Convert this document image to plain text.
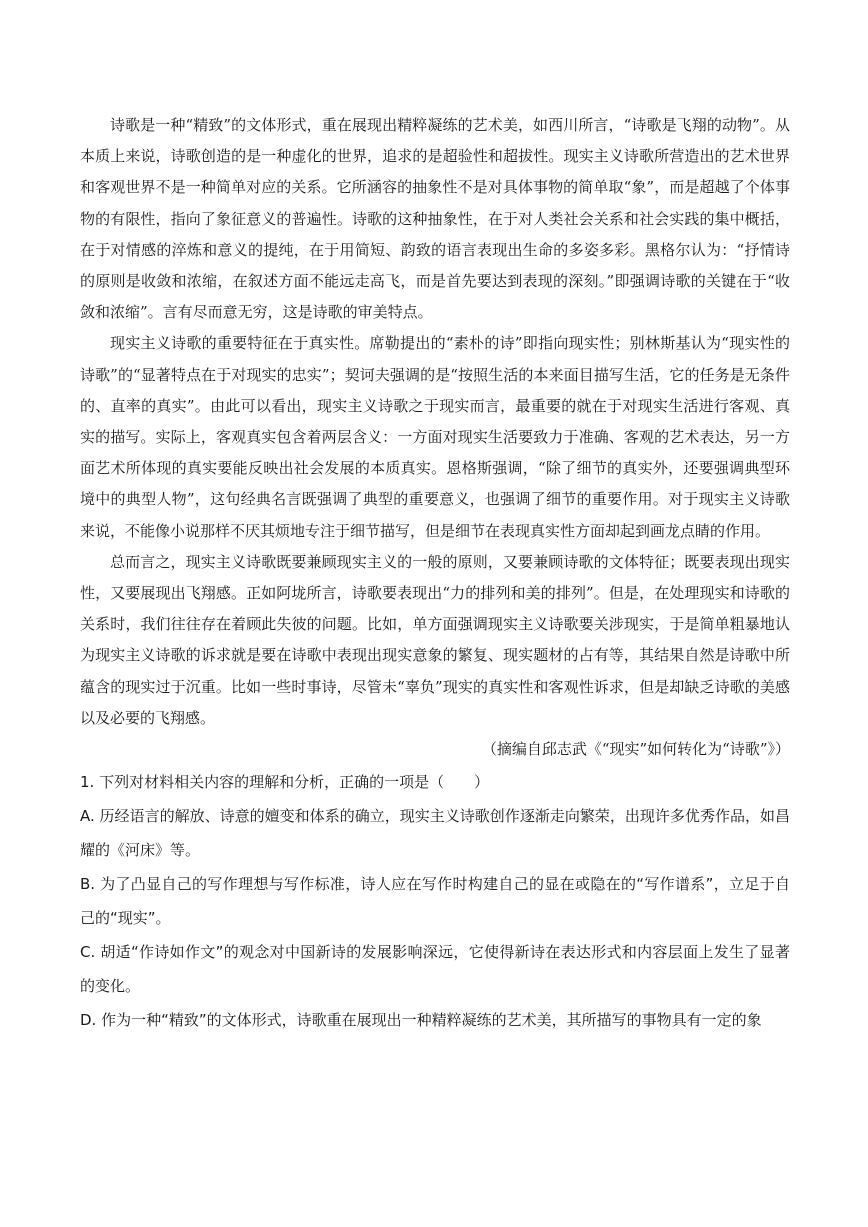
诗歌是一种“精致”的文体形式，重在展现出精粹凝练的艺术美，如西川所言，“诗歌是飞翔的动物”。从本质上来说，诗歌创造的是一种虚化的世界，追求的是超验性和超拔性。现实主义诗歌所营造出的艺术世界和客观世界不是一种简单对应的关系。它所涵容的抽象性不是对具体事物的简单取“象”，而是超越了个体事物的有限性，指向了象征意义的普遍性。诗歌的这种抽象性，在于对人类社会关系和社会实践的集中概括，在于对情感的淬炼和意义的提纯，在于用简短、韵致的语言表现出生命的多姿多彩。黑格尔认为：“抒情诗的原则是收敛和浓缩，在叙述方面不能远走高飞，而是首先要达到表现的深刻。”即强调诗歌的关键在于“收敛和浓缩”。言有尽而意无穷，这是诗歌的审美特点。

现实主义诗歌的重要特征在于真实性。席勒提出的“素朴的诗”即指向现实性；别林斯基认为“现实性的诗歌”的“显著特点在于对现实的忠实”；契诃夫强调的是“按照生活的本来面目描写生活，它的任务是无条件的、直率的真实”。由此可以看出，现实主义诗歌之于现实而言，最重要的就在于对现实生活进行客观、真实的描写。实际上，客观真实包含着两层含义：一方面对现实生活要致力于准确、客观的艺术表达，另一方面艺术所体现的真实要能反映出社会发展的本质真实。恩格斯强调，“除了细节的真实外，还要强调典型环境中的典型人物”，这句经典名言既强调了典型的重要意义，也强调了细节的重要作用。对于现实主义诗歌来说，不能像小说那样不厌其烦地专注于细节描写，但是细节在表现真实性方面却起到画龙点睛的作用。

总而言之，现实主义诗歌既要兼顾现实主义的一般的原则，又要兼顾诗歌的文体特征；既要表现出现实性，又要展现出飞翔感。正如阿垅所言，诗歌要表现出“力的排列和美的排列”。但是，在处理现实和诗歌的关系时，我们往往存在着顾此失彼的问题。比如，单方面强调现实主义诗歌要关涉现实，于是简单粗暴地认为现实主义诗歌的诉求就是要在诗歌中表现出现实意象的繁复、现实题材的占有等，其结果自然是诗歌中所蕴含的现实过于沉重。比如一些时事诗，尽管未“辜负”现实的真实性和客观性诉求，但是却缺乏诗歌的美感以及必要的飞翔感。

（摘编自邱志武《“现实”如何转化为“诗歌”》）

1. 下列对材料相关内容的理解和分析，正确的一项是（　　）

A. 历经语言的解放、诗意的嬗变和体系的确立，现实主义诗歌创作逐渐走向繁荣，出现许多优秀作品，如昌耀的《河床》等。

B. 为了凸显自己的写作理想与写作标准，诗人应在写作时构建自己的显在或隐在的“写作谱系”，立足于自己的“现实”。

C. 胡适“作诗如作文”的观念对中国新诗的发展影响深远，它使得新诗在表达形式和内容层面上发生了显著的变化。

D. 作为一种“精致”的文体形式，诗歌重在展现出一种精粹凝练的艺术美，其所描写的事物具有一定的象
